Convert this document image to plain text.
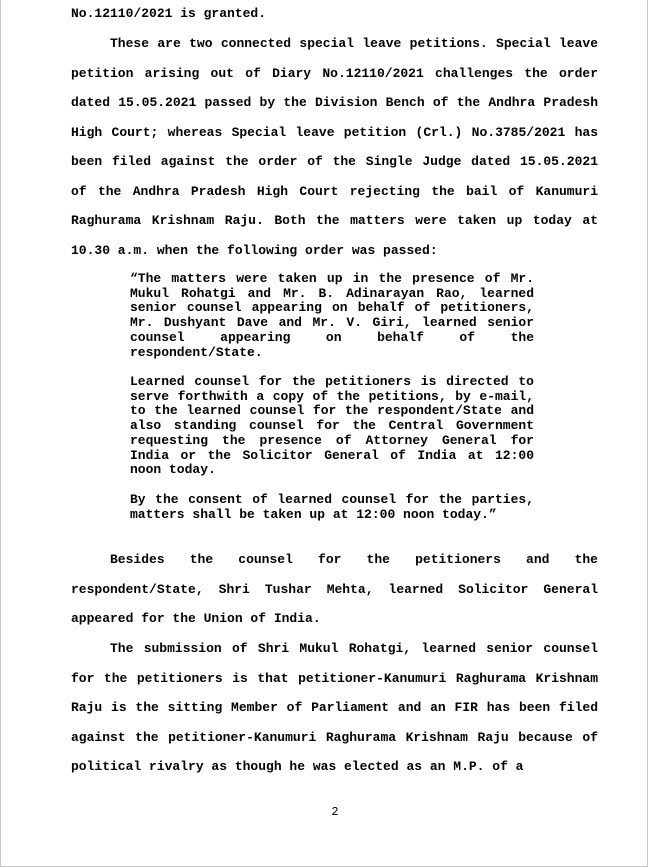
No.12110/2021 is granted.

These are two connected special leave petitions. Special leave petition arising out of Diary No.12110/2021 challenges the order dated 15.05.2021 passed by the Division Bench of the Andhra Pradesh High Court; whereas Special leave petition (Crl.) No.3785/2021 has been filed against the order of the Single Judge dated 15.05.2021 of the Andhra Pradesh High Court rejecting the bail of Kanumuri Raghurama Krishnam Raju. Both the matters were taken up today at 10.30 a.m. when the following order was passed:

“The matters were taken up in the presence of Mr. Mukul Rohatgi and Mr. B. Adinarayan Rao, learned senior counsel appearing on behalf of petitioners, Mr. Dushyant Dave and Mr. V. Giri, learned senior counsel appearing on behalf of the respondent/State.

Learned counsel for the petitioners is directed to serve forthwith a copy of the petitions, by e-mail, to the learned counsel for the respondent/State and also standing counsel for the Central Government requesting the presence of Attorney General for India or the Solicitor General of India at 12:00 noon today.

By the consent of learned counsel for the parties, matters shall be taken up at 12:00 noon today.”

Besides the counsel for the petitioners and the respondent/State, Shri Tushar Mehta, learned Solicitor General appeared for the Union of India.

The submission of Shri Mukul Rohatgi, learned senior counsel for the petitioners is that petitioner-Kanumuri Raghurama Krishnam Raju is the sitting Member of Parliament and an FIR has been filed against the petitioner-Kanumuri Raghurama Krishnam Raju because of political rivalry as though he was elected as an M.P. of a

2
